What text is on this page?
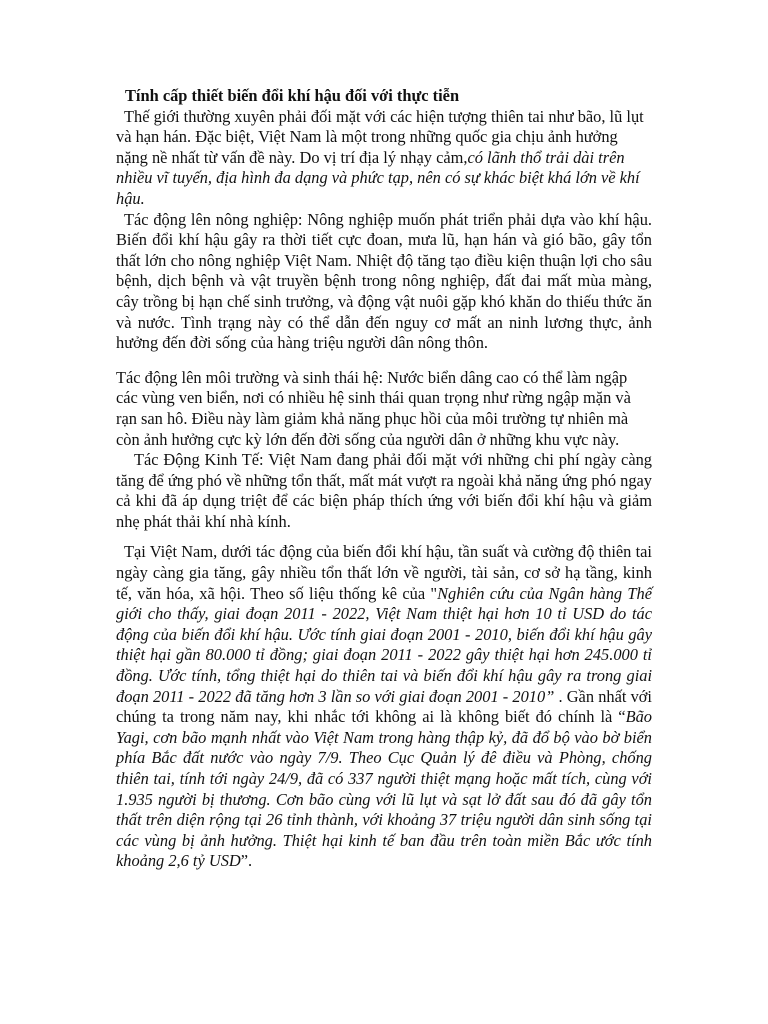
Tính cấp thiết biến đổi khí hậu đối với thực tiễn

Thế giới thường xuyên phải đối mặt với các hiện tượng thiên tai như bão, lũ lụt và hạn hán. Đặc biệt, Việt Nam là một trong những quốc gia chịu ảnh hưởng nặng nề nhất từ vấn đề này. Do vị trí địa lý nhạy cảm,có lãnh thổ trải dài trên nhiều vĩ tuyến, địa hình đa dạng và phức tạp, nên có sự khác biệt khá lớn về khí hậu.

Tác động lên nông nghiệp: Nông nghiệp muốn phát triển phải dựa vào khí hậu. Biến đổi khí hậu gây ra thời tiết cực đoan, mưa lũ, hạn hán và gió bão, gây tổn thất lớn cho nông nghiệp Việt Nam. Nhiệt độ tăng tạo điều kiện thuận lợi cho sâu bệnh, dịch bệnh và vật truyền bệnh trong nông nghiệp, đất đai mất mùa màng, cây trồng bị hạn chế sinh trưởng, và động vật nuôi gặp khó khăn do thiếu thức ăn và nước. Tình trạng này có thể dẫn đến nguy cơ mất an ninh lương thực, ảnh hưởng đến đời sống của hàng triệu người dân nông thôn.

Tác động lên môi trường và sinh thái hệ: Nước biển dâng cao có thể làm ngập các vùng ven biển, nơi có nhiều hệ sinh thái quan trọng như rừng ngập mặn và rạn san hô. Điều này làm giảm khả năng phục hồi của môi trường tự nhiên mà còn ảnh hưởng cực kỳ lớn đến đời sống của người dân ở những khu vực này.

Tác Động Kinh Tế: Việt Nam đang phải đối mặt với những chi phí ngày càng tăng để ứng phó về những tổn thất, mất mát vượt ra ngoài khả năng ứng phó ngay cả khi đã áp dụng triệt để các biện pháp thích ứng với biến đổi khí hậu và giảm nhẹ phát thải khí nhà kính.

Tại Việt Nam, dưới tác động của biến đổi khí hậu, tần suất và cường độ thiên tai ngày càng gia tăng, gây nhiều tổn thất lớn về người, tài sản, cơ sở hạ tầng, kinh tế, văn hóa, xã hội. Theo số liệu thống kê của "Nghiên cứu của Ngân hàng Thế giới cho thấy, giai đoạn 2011 - 2022, Việt Nam thiệt hại hơn 10 tỉ USD do tác động của biến đổi khí hậu. Ước tính giai đoạn 2001 - 2010, biến đổi khí hậu gây thiệt hại gần 80.000 tỉ đồng; giai đoạn 2011 - 2022 gây thiệt hại hơn 245.000 tỉ đồng. Ước tính, tổng thiệt hại do thiên tai và biến đổi khí hậu gây ra trong giai đoạn 2011 - 2022 đã tăng hơn 3 lần so với giai đoạn 2001 - 2010” . Gần nhất với chúng ta trong năm nay, khi nhắc tới không ai là không biết đó chính là “Bão Yagi, cơn bão mạnh nhất vào Việt Nam trong hàng thập kỷ, đã đổ bộ vào bờ biển phía Bắc đất nước vào ngày 7/9. Theo Cục Quản lý đê điều và Phòng, chống thiên tai, tính tới ngày 24/9, đã có 337 người thiệt mạng hoặc mất tích, cùng với 1.935 người bị thương. Cơn bão cùng với lũ lụt và sạt lở đất sau đó đã gây tổn thất trên diện rộng tại 26 tỉnh thành, với khoảng 37 triệu người dân sinh sống tại các vùng bị ảnh hưởng. Thiệt hại kinh tế ban đầu trên toàn miền Bắc ước tính khoảng 2,6 tỷ USD”.
